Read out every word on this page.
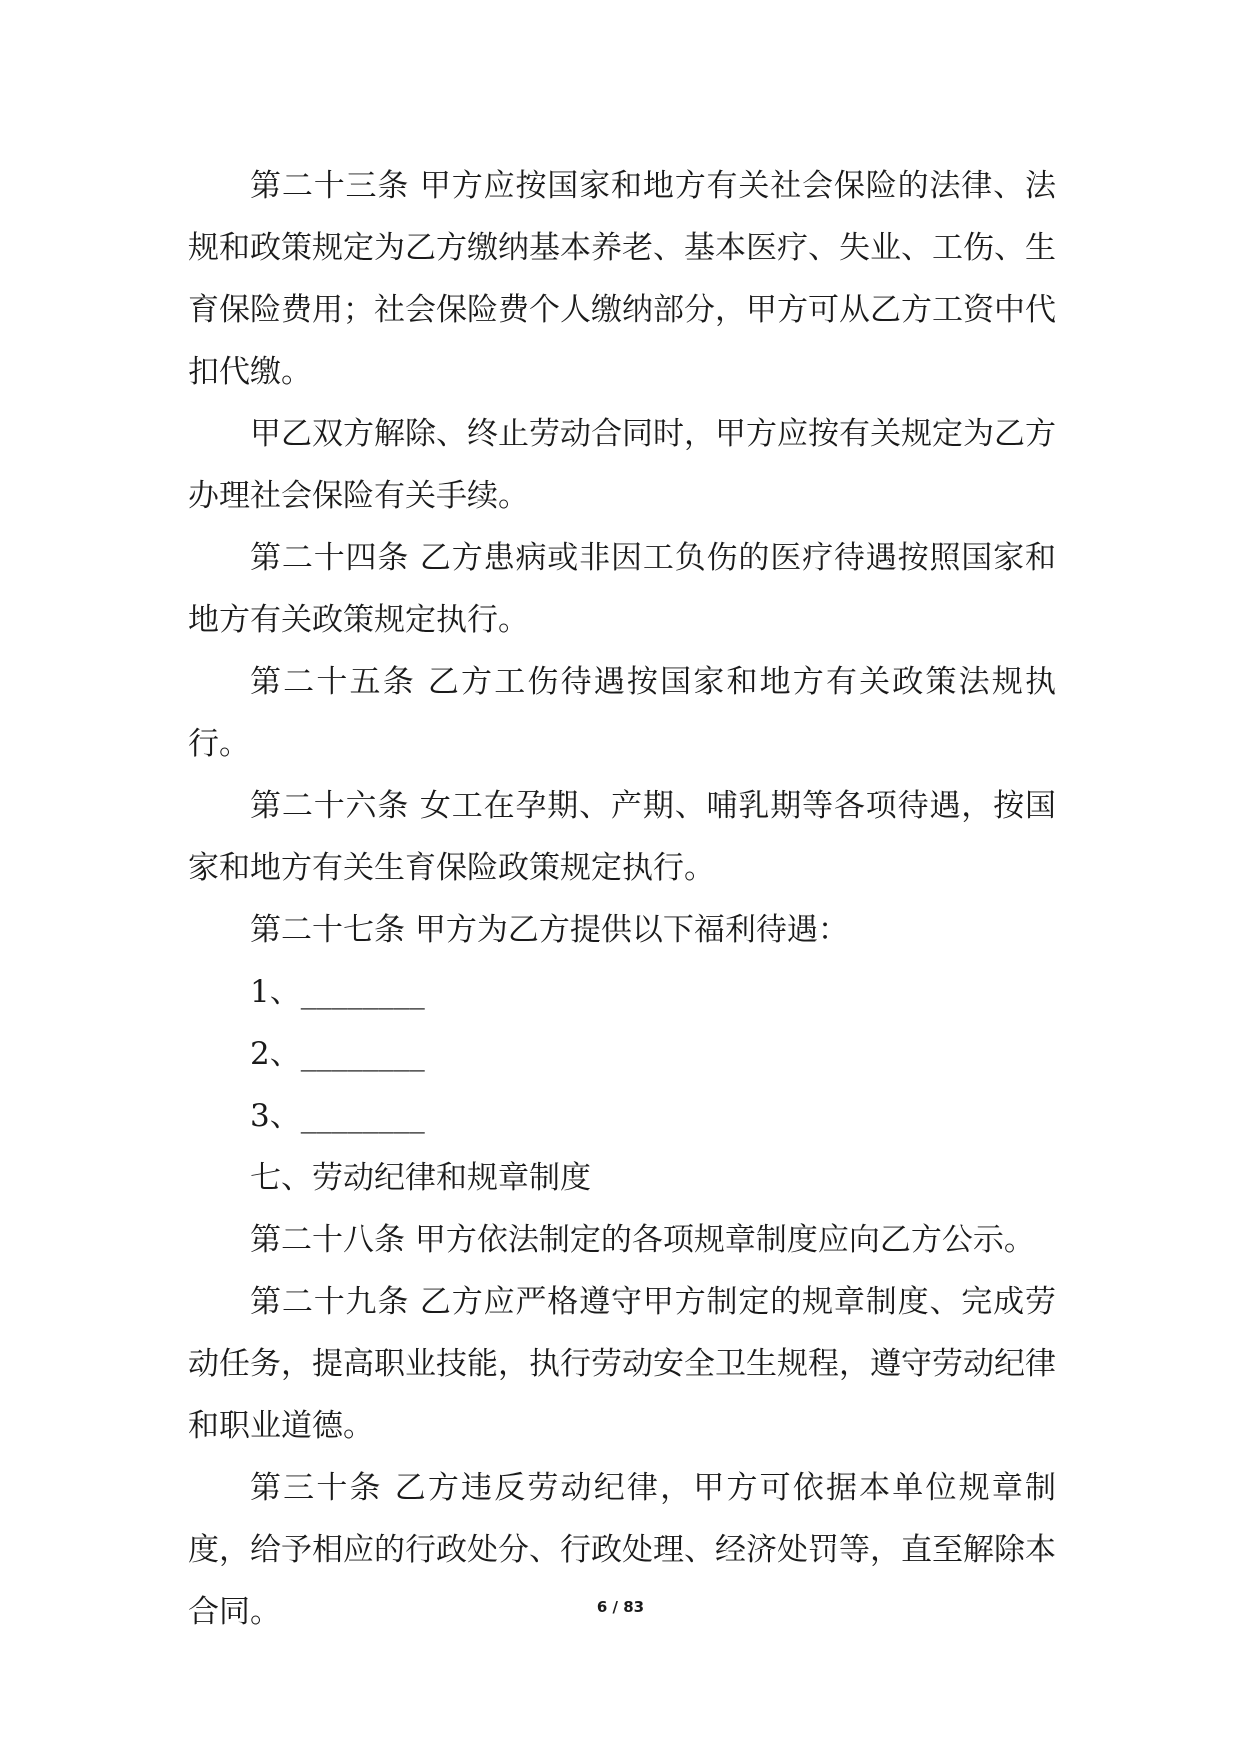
第二十三条 甲方应按国家和地方有关社会保险的法律、法规和政策规定为乙方缴纳基本养老、基本医疗、失业、工伤、生育保险费用；社会保险费个人缴纳部分，甲方可从乙方工资中代扣代缴。

甲乙双方解除、终止劳动合同时，甲方应按有关规定为乙方办理社会保险有关手续。

第二十四条 乙方患病或非因工负伤的医疗待遇按照国家和地方有关政策规定执行。

第二十五条 乙方工伤待遇按国家和地方有关政策法规执行。

第二十六条 女工在孕期、产期、哺乳期等各项待遇，按国家和地方有关生育保险政策规定执行。

第二十七条 甲方为乙方提供以下福利待遇：

1、________

2、________

3、________

七、劳动纪律和规章制度

第二十八条 甲方依法制定的各项规章制度应向乙方公示。

第二十九条 乙方应严格遵守甲方制定的规章制度、完成劳动任务，提高职业技能，执行劳动安全卫生规程，遵守劳动纪律和职业道德。

第三十条 乙方违反劳动纪律，甲方可依据本单位规章制度，给予相应的行政处分、行政处理、经济处罚等，直至解除本合同。	6 / 83
